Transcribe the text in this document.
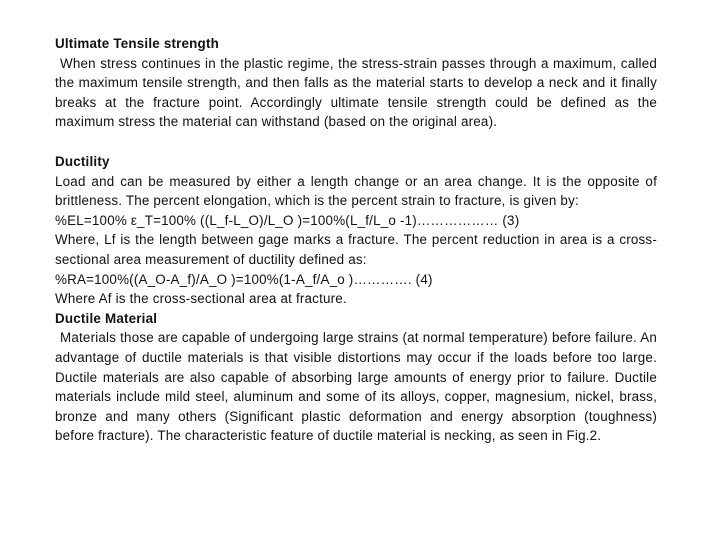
Ultimate Tensile strength

When stress continues in the plastic regime, the stress-strain passes through a maximum, called the maximum tensile strength, and then falls as the material starts to develop a neck and it finally breaks at the fracture point. Accordingly ultimate tensile strength could be defined as the maximum stress the material can withstand (based on the original area).

Ductility

Load and can be measured by either a length change or an area change. It is the opposite of brittleness. The percent elongation, which is the percent strain to fracture, is given by:

%EL=100% ε_T=100% ((L_f-L_O)/L_O )=100%(L_f/L_o -1)……………… (3)

Where, Lf is the length between gage marks a fracture. The percent reduction in area is a cross-sectional area measurement of ductility defined as:

%RA=100%((A_O-A_f)/A_O )=100%(1-A_f/A_o )…………. (4)

Where Af is the cross-sectional area at fracture.

Ductile Material

Materials those are capable of undergoing large strains (at normal temperature) before failure. An advantage of ductile materials is that visible distortions may occur if the loads before too large. Ductile materials are also capable of absorbing large amounts of energy prior to failure. Ductile materials include mild steel, aluminum and some of its alloys, copper, magnesium, nickel, brass, bronze and many others (Significant plastic deformation and energy absorption (toughness) before fracture). The characteristic feature of ductile material is necking, as seen in Fig.2.
